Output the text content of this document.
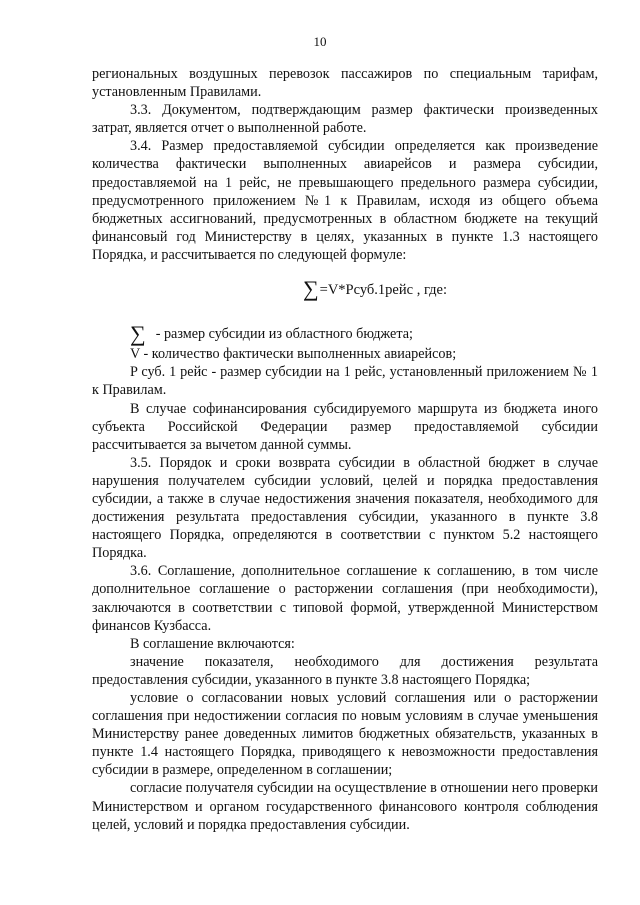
10

региональных воздушных перевозок пассажиров по специальным тарифам, установленным Правилами.

3.3. Документом, подтверждающим размер фактически произведенных затрат, является отчет о выполненной работе.

3.4. Размер предоставляемой субсидии определяется как произведение количества фактически выполненных авиарейсов и размера субсидии, предоставляемой на 1 рейс, не превышающего предельного размера субсидии, предусмотренного приложением №1 к Правилам, исходя из общего объема бюджетных ассигнований, предусмотренных в областном бюджете на текущий финансовый год Министерству в целях, указанных в пункте 1.3 настоящего Порядка, и рассчитывается по следующей формуле:

∑=V*Pсуб.1рейс , где:

∑ - размер субсидии из областного бюджета;

V - количество фактически выполненных авиарейсов;

P суб. 1 рейс - размер субсидии на 1 рейс, установленный приложением № 1 к Правилам.

В случае софинансирования субсидируемого маршрута из бюджета иного субъекта Российской Федерации размер предоставляемой субсидии рассчитывается за вычетом данной суммы.

3.5. Порядок и сроки возврата субсидии в областной бюджет в случае нарушения получателем субсидии условий, целей и порядка предоставления субсидии, а также в случае недостижения значения показателя, необходимого для достижения результата предоставления субсидии, указанного в пункте 3.8 настоящего Порядка, определяются в соответствии с пунктом 5.2 настоящего Порядка.

3.6. Соглашение, дополнительное соглашение к соглашению, в том числе дополнительное соглашение о расторжении соглашения (при необходимости), заключаются в соответствии с типовой формой, утвержденной Министерством финансов Кузбасса.

В соглашение включаются:

значение показателя, необходимого для достижения результата предоставления субсидии, указанного в пункте 3.8 настоящего Порядка;

условие о согласовании новых условий соглашения или о расторжении соглашения при недостижении согласия по новым условиям в случае уменьшения Министерству ранее доведенных лимитов бюджетных обязательств, указанных в пункте 1.4 настоящего Порядка, приводящего к невозможности предоставления субсидии в размере, определенном в соглашении;

согласие получателя субсидии на осуществление в отношении него проверки Министерством и органом государственного финансового контроля соблюдения целей, условий и порядка предоставления субсидии.
